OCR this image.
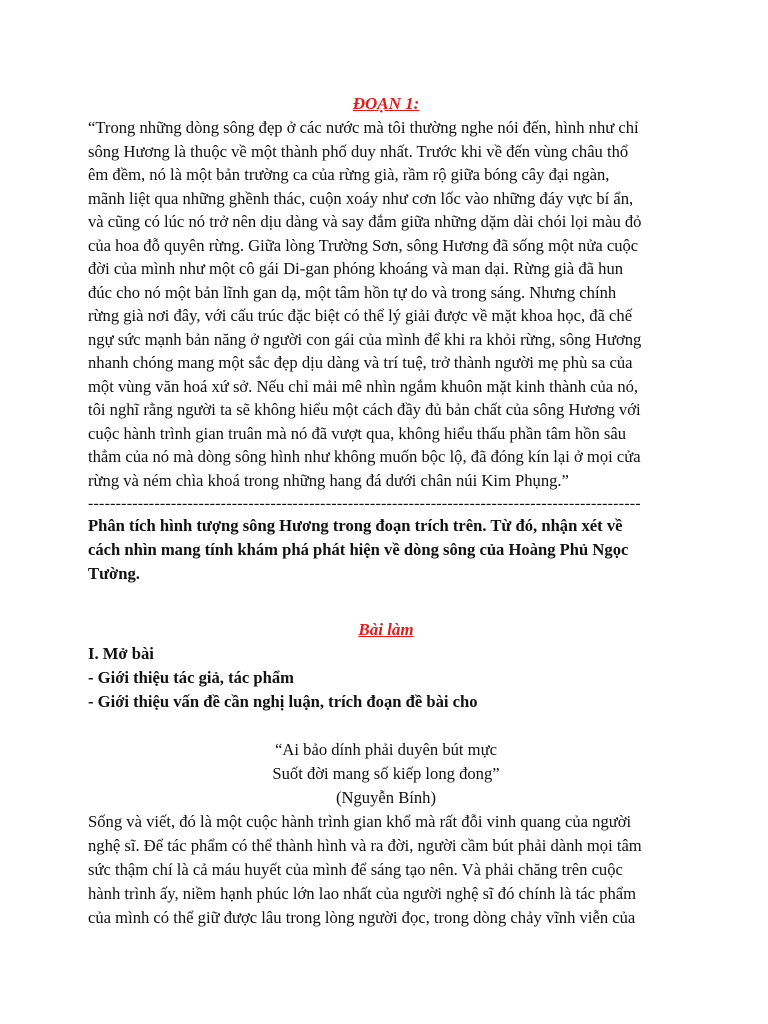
ĐOẠN 1:

“Trong những dòng sông đẹp ở các nước mà tôi thường nghe nói đến, hình như chỉ
sông Hương là thuộc về một thành phố duy nhất. Trước khi về đến vùng châu thổ
êm đềm, nó là một bản trường ca của rừng già, rầm rộ giữa bóng cây đại ngàn,
mãnh liệt qua những ghềnh thác, cuộn xoáy như cơn lốc vào những đáy vực bí ẩn,
và cũng có lúc nó trở nên dịu dàng và say đắm giữa những dặm dài chói lọi màu đỏ
của hoa đỗ quyên rừng. Giữa lòng Trường Sơn, sông Hương đã sống một nửa cuộc
đời của mình như một cô gái Di-gan phóng khoáng và man dại. Rừng già đã hun
đúc cho nó một bản lĩnh gan dạ, một tâm hồn tự do và trong sáng. Nhưng chính
rừng già nơi đây, với cấu trúc đặc biệt có thể lý giải được về mặt khoa học, đã chế
ngự sức mạnh bản năng ở người con gái của mình để khi ra khỏi rừng, sông Hương
nhanh chóng mang một sắc đẹp dịu dàng và trí tuệ, trở thành người mẹ phù sa của
một vùng văn hoá xứ sở. Nếu chỉ mải mê nhìn ngắm khuôn mặt kinh thành của nó,
tôi nghĩ rằng người ta sẽ không hiểu một cách đầy đủ bản chất của sông Hương với
cuộc hành trình gian truân mà nó đã vượt qua, không hiểu thấu phần tâm hồn sâu
thẳm của nó mà dòng sông hình như không muốn bộc lộ, đã đóng kín lại ở mọi cửa
rừng và ném chìa khoá trong những hang đá dưới chân núi Kim Phụng.”
----------------------------------------------------------------------------------------------------
Phân tích hình tượng sông Hương trong đoạn trích trên. Từ đó, nhận xét về
cách nhìn mang tính khám phá phát hiện về dòng sông của Hoàng Phủ Ngọc
Tường.

Bài làm

I. Mở bài

- Giới thiệu tác giả, tác phẩm

- Giới thiệu vấn đề cần nghị luận, trích đoạn đề bài cho

“Ai bảo dính phải duyên bút mực
Suốt đời mang số kiếp long đong”
(Nguyễn Bính)
Sống và viết, đó là một cuộc hành trình gian khổ mà rất đỗi vinh quang của người
nghệ sĩ. Để tác phẩm có thể thành hình và ra đời, người cầm bút phải dành mọi tâm
sức thậm chí là cả máu huyết của mình để sáng tạo nên. Và phải chăng trên cuộc
hành trình ấy, niềm hạnh phúc lớn lao nhất của người nghệ sĩ đó chính là tác phẩm
của mình có thể giữ được lâu trong lòng người đọc, trong dòng chảy vĩnh viễn của
